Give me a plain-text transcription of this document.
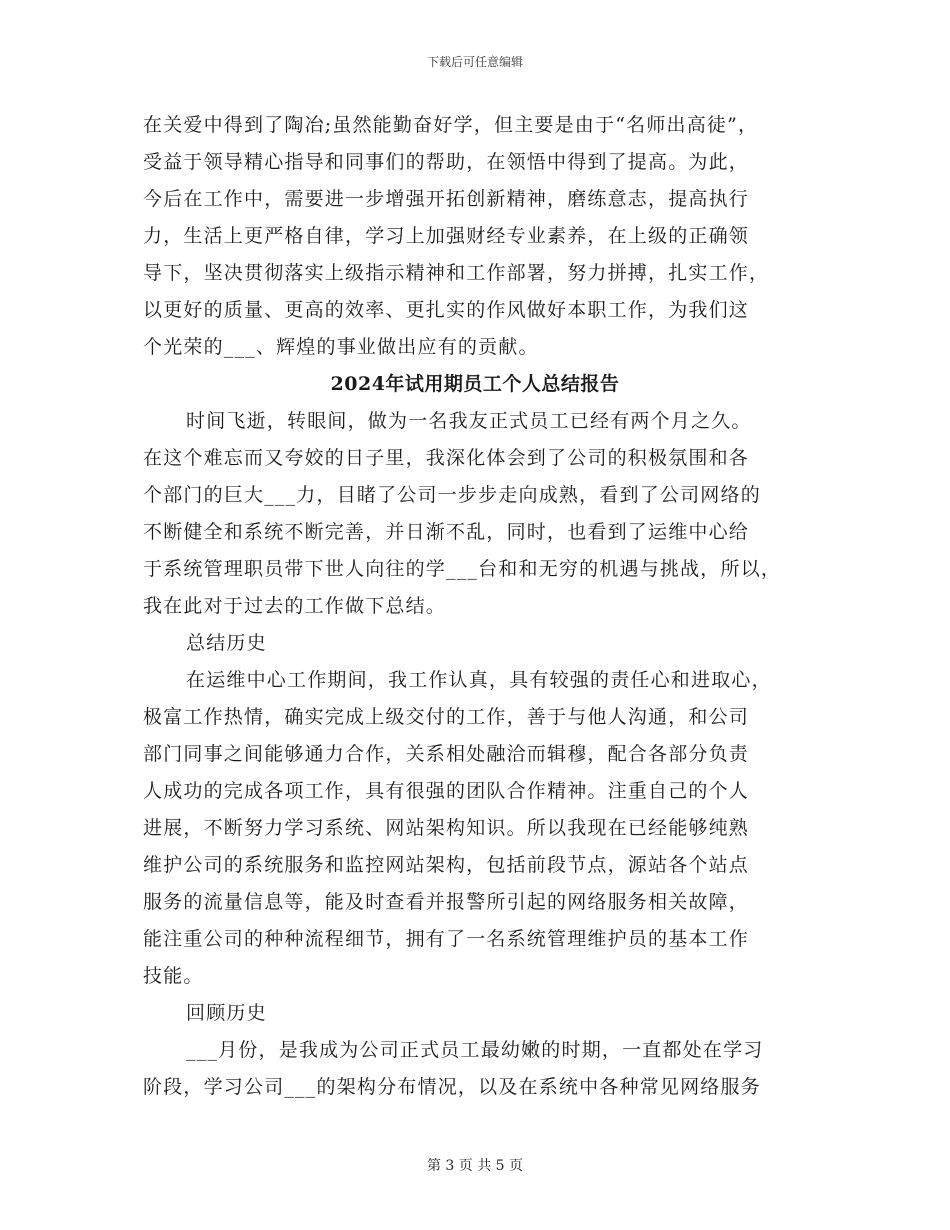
下载后可任意编辑
在关爱中得到了陶冶;虽然能勤奋好学，但主要是由于“名师出高徒”，
受益于领导精心指导和同事们的帮助，在领悟中得到了提高。为此，
今后在工作中，需要进一步增强开拓创新精神，磨练意志，提高执行
力，生活上更严格自律，学习上加强财经专业素养，在上级的正确领
导下，坚决贯彻落实上级指示精神和工作部署，努力拼搏，扎实工作，
以更好的质量、更高的效率、更扎实的作风做好本职工作，为我们这
个光荣的___、辉煌的事业做出应有的贡献。
2024年试用期员工个人总结报告
时间飞逝，转眼间，做为一名我友正式员工已经有两个月之久。
在这个难忘而又夸姣的日子里，我深化体会到了公司的积极氛围和各
个部门的巨大___力，目睹了公司一步步走向成熟，看到了公司网络的
不断健全和系统不断完善，并日渐不乱，同时，也看到了运维中心给
于系统管理职员带下世人向往的学___台和和无穷的机遇与挑战，所以，
我在此对于过去的工作做下总结。
总结历史
在运维中心工作期间，我工作认真，具有较强的责任心和进取心，
极富工作热情，确实完成上级交付的工作，善于与他人沟通，和公司
部门同事之间能够通力合作，关系相处融洽而辑穆，配合各部分负责
人成功的完成各项工作，具有很强的团队合作精神。注重自己的个人
进展，不断努力学习系统、网站架构知识。所以我现在已经能够纯熟
维护公司的系统服务和监控网站架构，包括前段节点，源站各个站点
服务的流量信息等，能及时查看并报警所引起的网络服务相关故障，
能注重公司的种种流程细节，拥有了一名系统管理维护员的基本工作
技能。
回顾历史
___月份，是我成为公司正式员工最幼嫩的时期，一直都处在学习
阶段，学习公司___的架构分布情况，以及在系统中各种常见网络服务
第 3 页 共 5 页
